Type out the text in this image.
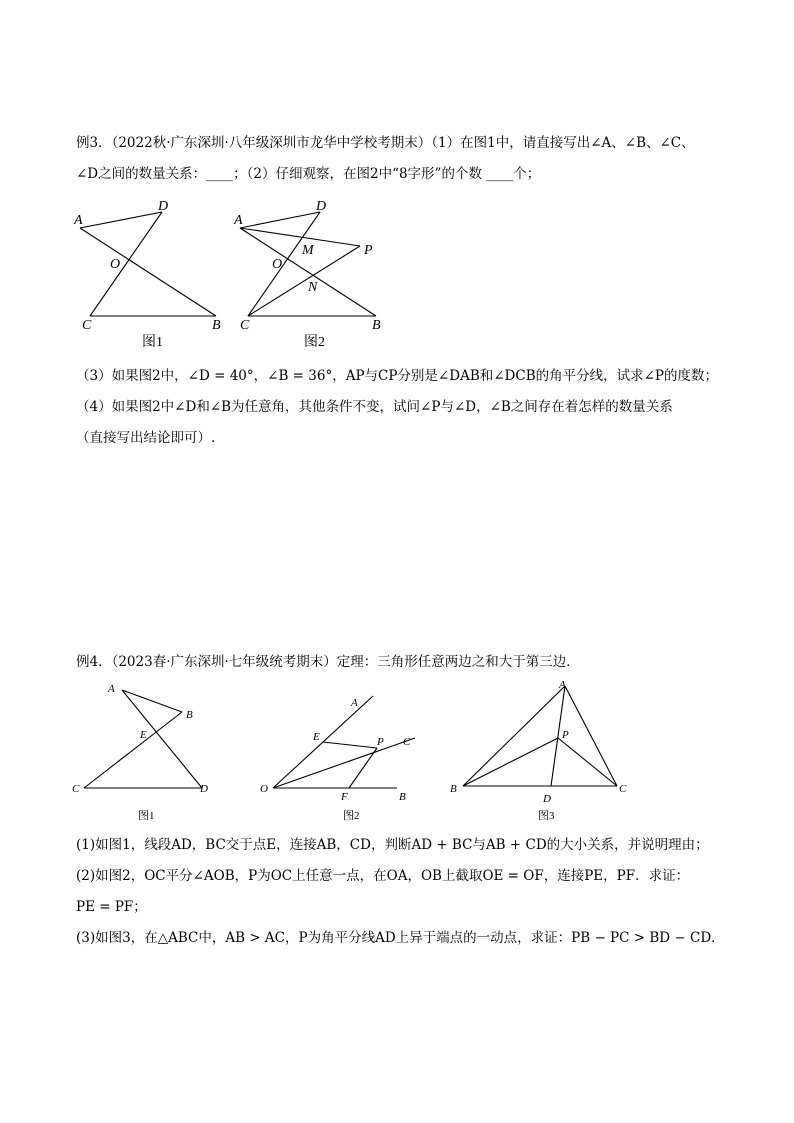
例3．（2022秋·广东深圳·八年级深圳市龙华中学校考期末）（1）在图1中，请直接写出∠A、∠B、∠C、
∠D之间的数量关系：____；（2）仔细观察，在图2中“8字形”的个数 ____个；
A
D
O
C	B
图1
A
D
M	P
O
N
C	B
图2
（3）如果图2中，∠D = 40°，∠B = 36°，AP与CP分别是∠DAB和∠DCB的角平分线，试求∠P的度数；
（4）如果图2中∠D和∠B为任意角，其他条件不变，试问∠P与∠D，∠B之间存在着怎样的数量关系
（直接写出结论即可）.
例4．（2023春·广东深圳·七年级统考期末）定理：三角形任意两边之和大于第三边．
A
B
E
C	D
图1
A
E	P C
O
F	B
图2
A
P
B
D
C
图3
(1)如图1，线段AD，BC交于点E，连接AB，CD，判断AD + BC与AB + CD的大小关系，并说明理由；
(2)如图2，OC平分∠AOB，P为OC上任意一点，在OA，OB上截取OE = OF，连接PE，PF．求证：
PE = PF；
(3)如图3，在△ABC中，AB > AC，P为角平分线AD上异于端点的一动点，求证：PB − PC > BD − CD．
